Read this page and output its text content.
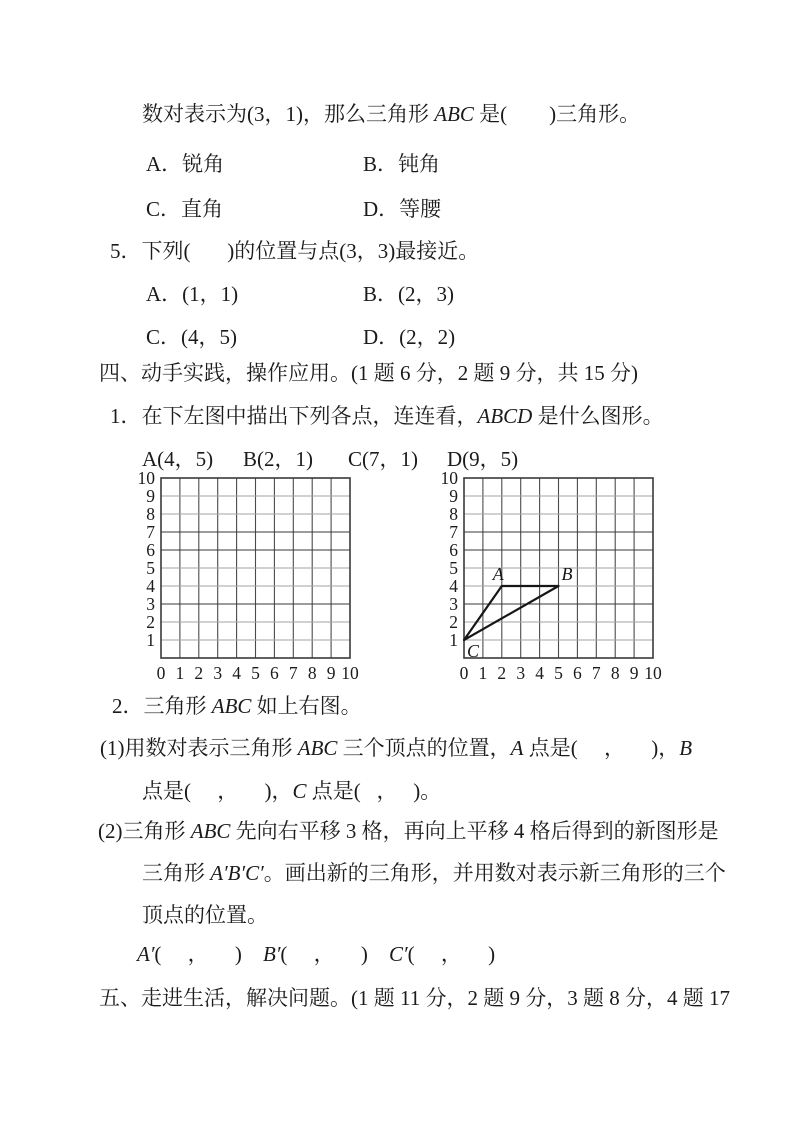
数对表示为(3，1)，那么三角形 ABC 是(        )三角形。
A．锐角	B．钝角
C．直角	D．等腰
5．下列(       )的位置与点(3，3)最接近。
A．(1，1)	B．(2，3)
C．(4，5)	D．(2，2)
四、动手实践，操作应用。(1 题 6 分，2 题 9 分，共 15 分)
1．在下左图中描出下列各点，连连看，ABCD 是什么图形。
A(4，5) B(2，1) C(7，1) D(9，5)
10
9
8
7
6
5
4
3
2
1
0 1 2 3 4 5 6 7 8 9 10
10
9
8
7
6
5
4
3
2
1
0 1 2 3 4 5 6 7 8 9 10
A	B
C
2．三角形 ABC 如上右图。
(1)用数对表示三角形 ABC 三个顶点的位置，A 点是(     ，     )，B
点是(     ，     )，C 点是(   ，   )。
(2)三角形 ABC 先向右平移 3 格，再向上平移 4 格后得到的新图形是
三角形 A′B′C′。画出新的三角形，并用数对表示新三角形的三个
顶点的位置。
A′(     ，     ) B′(     ，     ) C′(     ，     )
五、走进生活，解决问题。(1 题 11 分，2 题 9 分，3 题 8 分，4 题 17
